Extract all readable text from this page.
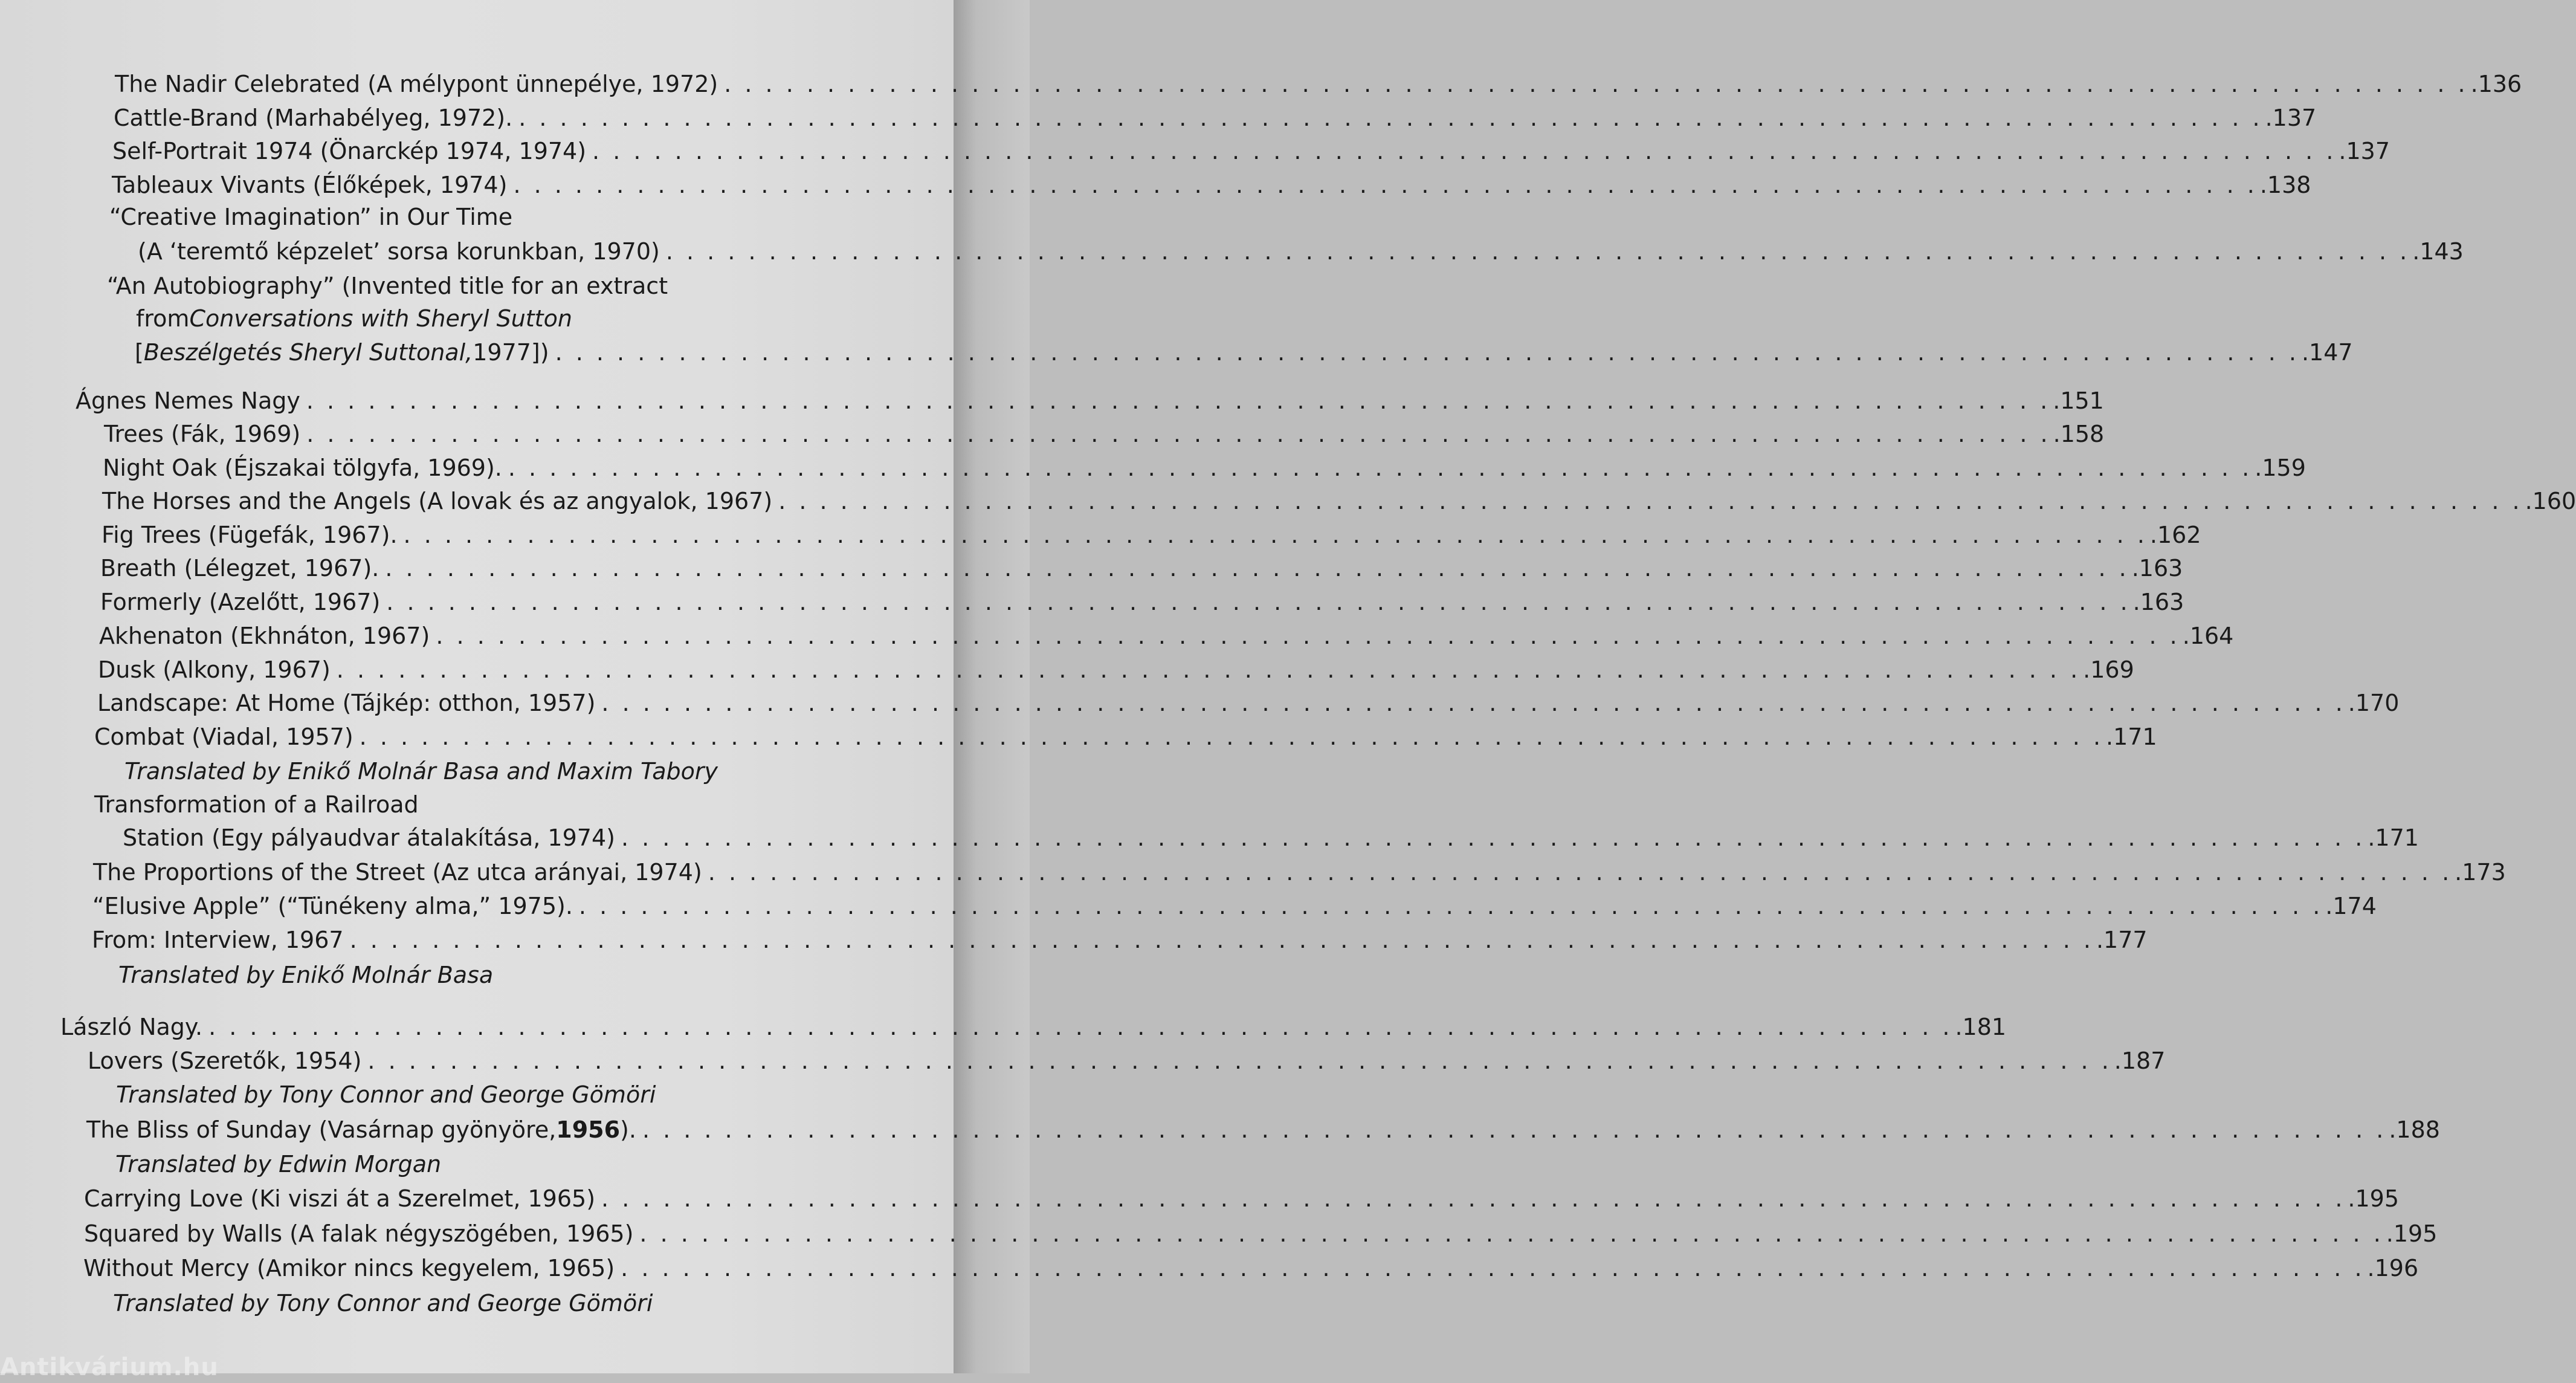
The Nadir Celebrated (A mélypont ünnepélye, 1972) . . . . . . . . . . . . . . . . . . . . . . . . . . . . . . . . . . . . . . . . . . . . . . . . . . . . . . . . . . . . . . . . . . . . . . . . . . . . . . . . . . . . . .136
Cattle-Brand (Marhabélyeg, 1972). . . . . . . . . . . . . . . . . . . . . . . . . . . . . . . . . . . . . . . . . . . . . . . . . . . . . . . . . . . . . . . . . . . . . . . . . . . . . . . . . . . . . . .137
Self-Portrait 1974 (Önarckép 1974, 1974) . . . . . . . . . . . . . . . . . . . . . . . . . . . . . . . . . . . . . . . . . . . . . . . . . . . . . . . . . . . . . . . . . . . . . . . . . . . . . . . . . . . . . .137
Tableaux Vivants (Élőképek, 1974) . . . . . . . . . . . . . . . . . . . . . . . . . . . . . . . . . . . . . . . . . . . . . . . . . . . . . . . . . . . . . . . . . . . . . . . . . . . . . . . . . . . . . .138
“Creative Imagination” in Our Time
(A ‘teremtő képzelet’ sorsa korunkban, 1970) . . . . . . . . . . . . . . . . . . . . . . . . . . . . . . . . . . . . . . . . . . . . . . . . . . . . . . . . . . . . . . . . . . . . . . . . . . . . . . . . . . . . . .143
“An Autobiography” (Invented title for an extract
from Conversations with Sheryl Sutton
[ Beszélgetés Sheryl Suttonal, 1977]) . . . . . . . . . . . . . . . . . . . . . . . . . . . . . . . . . . . . . . . . . . . . . . . . . . . . . . . . . . . . . . . . . . . . . . . . . . . . . . . . . . . . . .147
Ágnes Nemes Nagy . . . . . . . . . . . . . . . . . . . . . . . . . . . . . . . . . . . . . . . . . . . . . . . . . . . . . . . . . . . . . . . . . . . . . . . . . . . . . . . . . . . . . .151
Trees (Fák, 1969) . . . . . . . . . . . . . . . . . . . . . . . . . . . . . . . . . . . . . . . . . . . . . . . . . . . . . . . . . . . . . . . . . . . . . . . . . . . . . . . . . . . . . .158
Night Oak (Éjszakai tölgyfa, 1969). . . . . . . . . . . . . . . . . . . . . . . . . . . . . . . . . . . . . . . . . . . . . . . . . . . . . . . . . . . . . . . . . . . . . . . . . . . . . . . . . . . . . . .159
The Horses and the Angels (A lovak és az angyalok, 1967) . . . . . . . . . . . . . . . . . . . . . . . . . . . . . . . . . . . . . . . . . . . . . . . . . . . . . . . . . . . . . . . . . . . . . . . . . . . . . . . . . . . . . .160
Fig Trees (Fügefák, 1967). . . . . . . . . . . . . . . . . . . . . . . . . . . . . . . . . . . . . . . . . . . . . . . . . . . . . . . . . . . . . . . . . . . . . . . . . . . . . . . . . . . . . . .162
Breath (Lélegzet, 1967). . . . . . . . . . . . . . . . . . . . . . . . . . . . . . . . . . . . . . . . . . . . . . . . . . . . . . . . . . . . . . . . . . . . . . . . . . . . . . . . . . . . . . .163
Formerly (Azelőtt, 1967) . . . . . . . . . . . . . . . . . . . . . . . . . . . . . . . . . . . . . . . . . . . . . . . . . . . . . . . . . . . . . . . . . . . . . . . . . . . . . . . . . . . . . .163
Akhenaton (Ekhnáton, 1967) . . . . . . . . . . . . . . . . . . . . . . . . . . . . . . . . . . . . . . . . . . . . . . . . . . . . . . . . . . . . . . . . . . . . . . . . . . . . . . . . . . . . . .164
Dusk (Alkony, 1967) . . . . . . . . . . . . . . . . . . . . . . . . . . . . . . . . . . . . . . . . . . . . . . . . . . . . . . . . . . . . . . . . . . . . . . . . . . . . . . . . . . . . . .169
Landscape: At Home (Tájkép: otthon, 1957) . . . . . . . . . . . . . . . . . . . . . . . . . . . . . . . . . . . . . . . . . . . . . . . . . . . . . . . . . . . . . . . . . . . . . . . . . . . . . . . . . . . . . .170
Combat (Viadal, 1957) . . . . . . . . . . . . . . . . . . . . . . . . . . . . . . . . . . . . . . . . . . . . . . . . . . . . . . . . . . . . . . . . . . . . . . . . . . . . . . . . . . . . . .171
Translated by Enikő Molnár Basa and Maxim Tabory
Transformation of a Railroad
Station (Egy pályaudvar átalakítása, 1974) . . . . . . . . . . . . . . . . . . . . . . . . . . . . . . . . . . . . . . . . . . . . . . . . . . . . . . . . . . . . . . . . . . . . . . . . . . . . . . . . . . . . . .171
The Proportions of the Street (Az utca arányai, 1974) . . . . . . . . . . . . . . . . . . . . . . . . . . . . . . . . . . . . . . . . . . . . . . . . . . . . . . . . . . . . . . . . . . . . . . . . . . . . . . . . . . . . . .173
“Elusive Apple” (“Tünékeny alma,” 1975). . . . . . . . . . . . . . . . . . . . . . . . . . . . . . . . . . . . . . . . . . . . . . . . . . . . . . . . . . . . . . . . . . . . . . . . . . . . . . . . . . . . . . .174
From: Interview, 1967 . . . . . . . . . . . . . . . . . . . . . . . . . . . . . . . . . . . . . . . . . . . . . . . . . . . . . . . . . . . . . . . . . . . . . . . . . . . . . . . . . . . . . .177
Translated by Enikő Molnár Basa
László Nagy. . . . . . . . . . . . . . . . . . . . . . . . . . . . . . . . . . . . . . . . . . . . . . . . . . . . . . . . . . . . . . . . . . . . . . . . . . . . . . . . . . . . . . .181
Lovers (Szeretők, 1954) . . . . . . . . . . . . . . . . . . . . . . . . . . . . . . . . . . . . . . . . . . . . . . . . . . . . . . . . . . . . . . . . . . . . . . . . . . . . . . . . . . . . . .187
Translated by Tony Connor and George Gömöri
The Bliss of Sunday (Vasárnap gyönyöre, 1956 ). . . . . . . . . . . . . . . . . . . . . . . . . . . . . . . . . . . . . . . . . . . . . . . . . . . . . . . . . . . . . . . . . . . . . . . . . . . . . . . . . . . . . . .188
Translated by Edwin Morgan
Carrying Love (Ki viszi át a Szerelmet, 1965) . . . . . . . . . . . . . . . . . . . . . . . . . . . . . . . . . . . . . . . . . . . . . . . . . . . . . . . . . . . . . . . . . . . . . . . . . . . . . . . . . . . . . .195
Squared by Walls (A falak négyszögében, 1965) . . . . . . . . . . . . . . . . . . . . . . . . . . . . . . . . . . . . . . . . . . . . . . . . . . . . . . . . . . . . . . . . . . . . . . . . . . . . . . . . . . . . . .195
Without Mercy (Amikor nincs kegyelem, 1965) . . . . . . . . . . . . . . . . . . . . . . . . . . . . . . . . . . . . . . . . . . . . . . . . . . . . . . . . . . . . . . . . . . . . . . . . . . . . . . . . . . . . . .196
Translated by Tony Connor and George Gömöri
Antikvárium.hu
